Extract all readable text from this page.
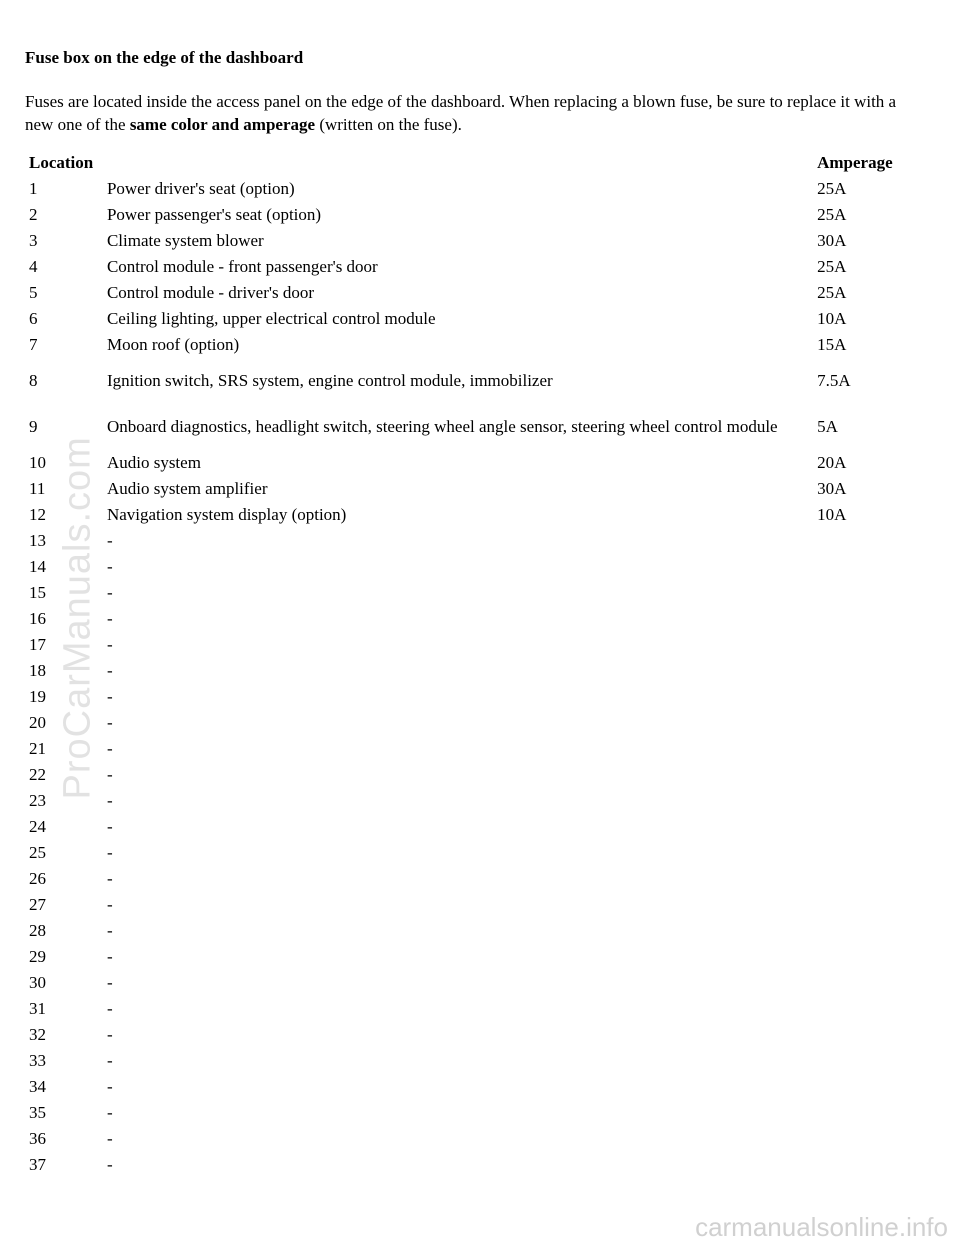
Fuse box on the edge of the dashboard
Fuses are located inside the access panel on the edge of the dashboard. When replacing a blown fuse, be sure to replace it with a new one of the same color and amperage (written on the fuse).
Location		Amperage
1	Power driver's seat (option)	25A
2	Power passenger's seat (option)	25A
3	Climate system blower	30A
4	Control module - front passenger's door	25A
5	Control module - driver's door	25A
6	Ceiling lighting, upper electrical control module	10A
7	Moon roof (option)	15A
8	Ignition switch, SRS system, engine control module, immobilizer	7.5A
9	Onboard diagnostics, headlight switch, steering wheel angle sensor, steering wheel control module	5A
10	Audio system	20A
11	Audio system amplifier	30A
12	Navigation system display (option)	10A
13	-	
14	-	
15	-	
16	-	
17	-	
18	-	
19	-	
20	-	
21	-	
22	-	
23	-	
24	-	
25	-	
26	-	
27	-	
28	-	
29	-	
30	-	
31	-	
32	-	
33	-	
34	-	
35	-	
36	-	
37	-	
ProCarManuals.com
carmanualsonline.info
